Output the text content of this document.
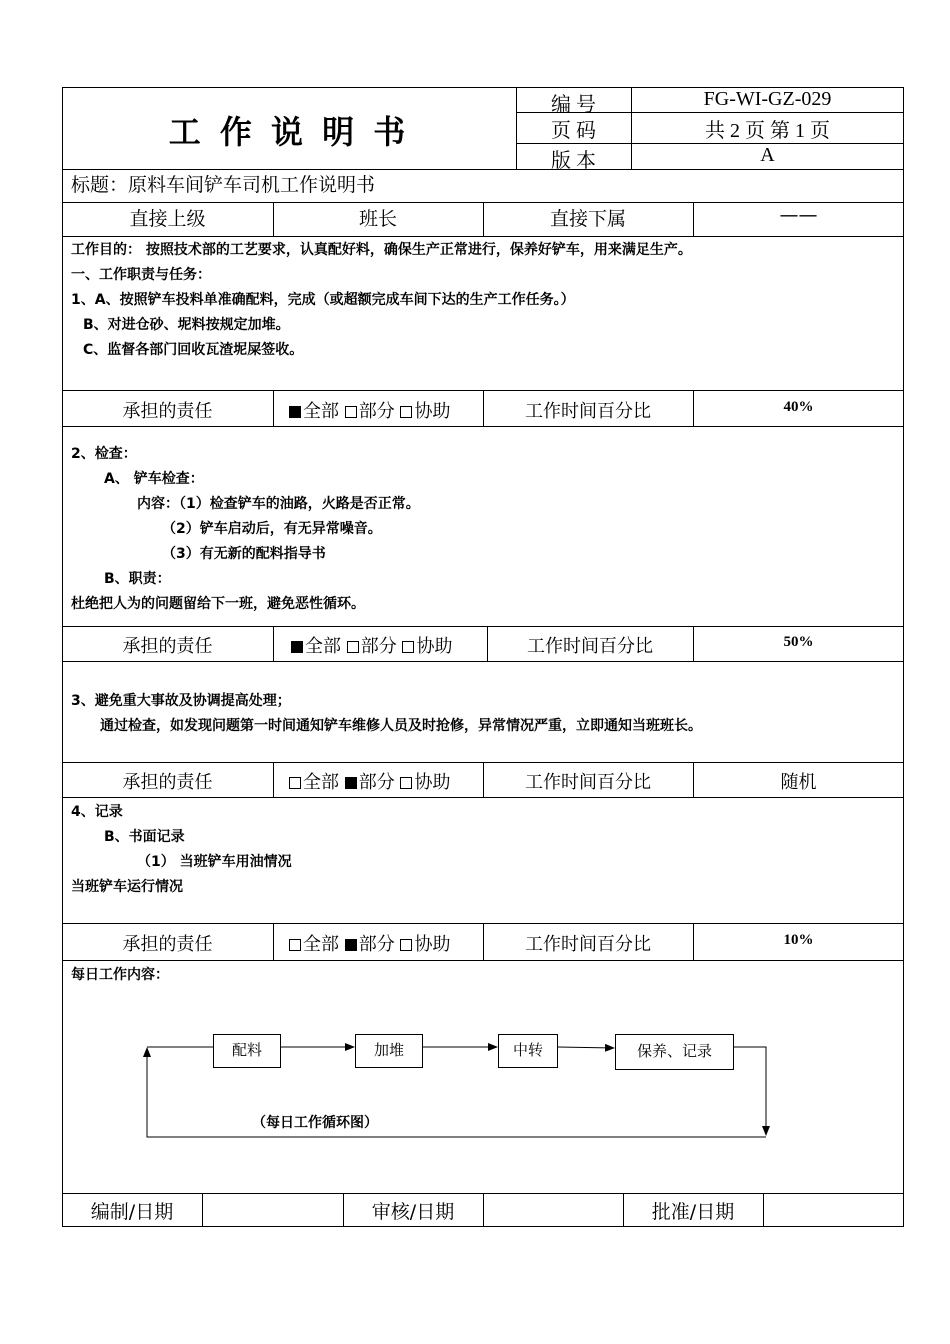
工 作 说 明 书
编 号	FG-WI-GZ-029
页 码	共 2 页 第 1 页
版 本	A
标题：原料车间铲车司机工作说明书
直接上级	班长	直接下属	——
工作目的： 按照技术部的工艺要求，认真配好料，确保生产正常进行，保养好铲车，用来满足生产。
一、工作职责与任务：
1、A、按照铲车投料单准确配料，完成（或超额完成车间下达的生产工作任务。）
B、对进仓砂、坭料按规定加堆。
C、监督各部门回收瓦渣坭屎签收。
承担的责任	全部 部分 协助	工作时间百分比	40%
2、检查：
A、 铲车检查：
内容：（1）检查铲车的油路，火路是否正常。
（2）铲车启动后，有无异常噪音。
（3）有无新的配料指导书
B、职责：
杜绝把人为的问题留给下一班，避免恶性循环。
承担的责任	全部 部分 协助	工作时间百分比	50%
3、避免重大事故及协调提高处理；
通过检查，如发现问题第一时间通知铲车维修人员及时抢修，异常情况严重，立即通知当班班长。
承担的责任	全部 部分 协助	工作时间百分比	随机
4、记录
B、书面记录
（1） 当班铲车用油情况
当班铲车运行情况
承担的责任	全部 部分 协助	工作时间百分比	10%
每日工作内容：
配料	加堆	中转	保养、记录
（每日工作循环图）
编制/日期	审核/日期	批准/日期
